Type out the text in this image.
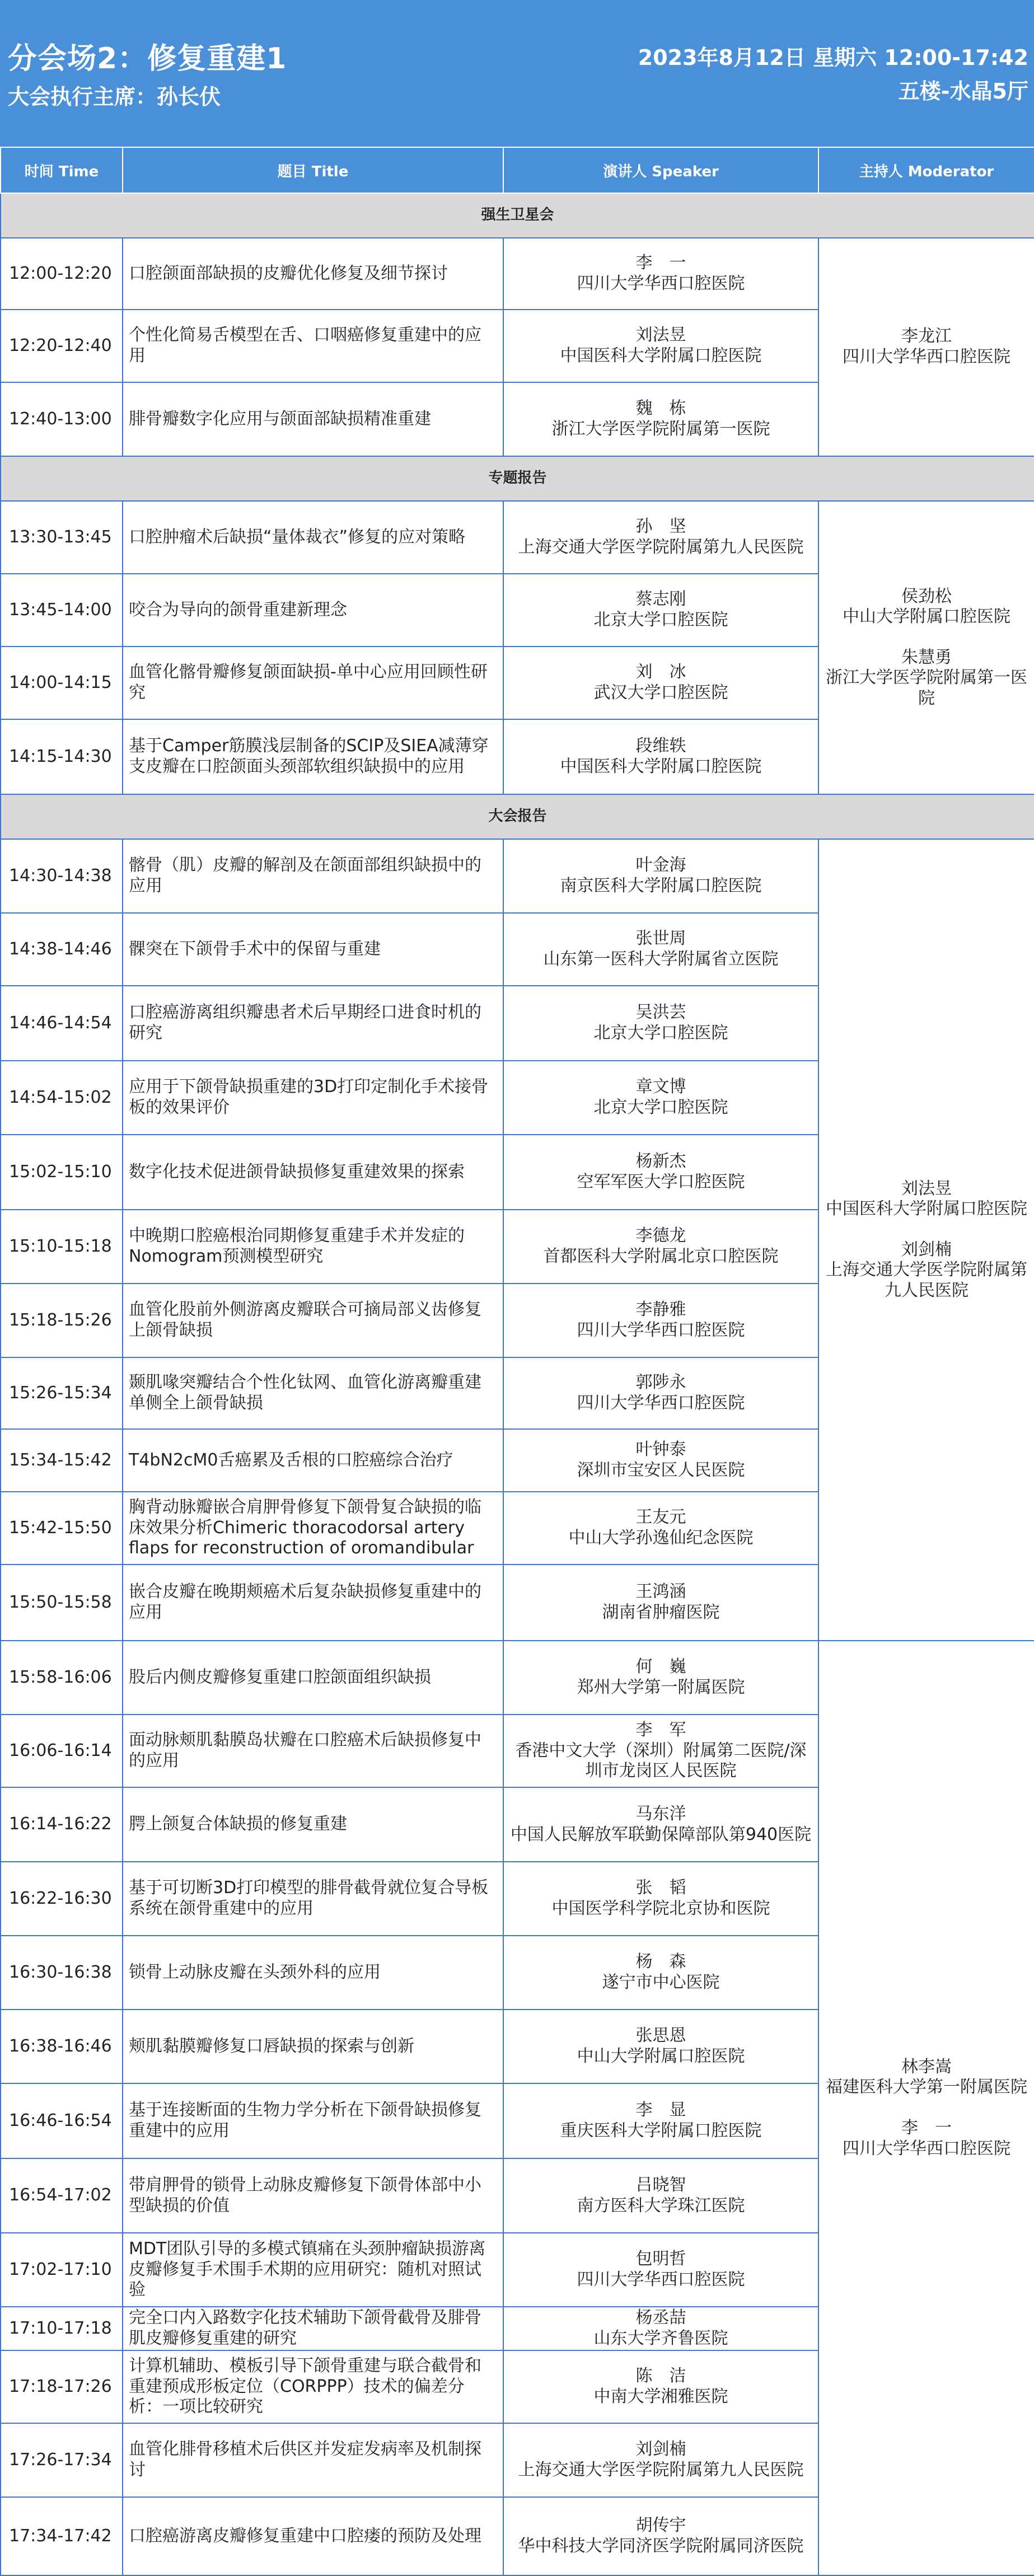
分会场2：修复重建1
大会执行主席：孙长伏
2023年8月12日 星期六 12:00-17:42
五楼-水晶5厅
时间 Time	题目 Title	演讲人 Speaker	主持人 Moderator
强生卫星会			
12:00-12:20	口腔颌面部缺损的皮瓣优化修复及细节探讨	李　一
四川大学华西口腔医院	李龙江
四川大学华西口腔医院

12:20-12:40	个性化简易舌模型在舌、口咽癌修复重建中的应用	刘法昱
中国医科大学附属口腔医院	

12:40-13:00	腓骨瓣数字化应用与颌面部缺损精准重建	魏　栋
浙江大学医学院附属第一医院	

专题报告			
13:30-13:45	口腔肿瘤术后缺损“量体裁衣”修复的应对策略	孙　坚
上海交通大学医学院附属第九人民医院	侯劲松
中山大学附属口腔医院
朱慧勇
浙江大学医学院附属第一医院

13:45-14:00	咬合为导向的颌骨重建新理念	蔡志刚
北京大学口腔医院	

14:00-14:15	血管化髂骨瓣修复颌面缺损-单中心应用回顾性研究	刘　冰
武汉大学口腔医院	

14:15-14:30	基于Camper筋膜浅层制备的SCIP及SIEA减薄穿支皮瓣在口腔颌面头颈部软组织缺损中的应用	段维轶
中国医科大学附属口腔医院	

大会报告			
14:30-14:38	髂骨（肌）皮瓣的解剖及在颌面部组织缺损中的应用	叶金海
南京医科大学附属口腔医院	刘法昱
中国医科大学附属口腔医院
刘剑楠
上海交通大学医学院附属第九人民医院

14:38-14:46	髁突在下颌骨手术中的保留与重建	张世周
山东第一医科大学附属省立医院	

14:46-14:54	口腔癌游离组织瓣患者术后早期经口进食时机的研究	吴洪芸
北京大学口腔医院	

14:54-15:02	应用于下颌骨缺损重建的3D打印定制化手术接骨板的效果评价	章文博
北京大学口腔医院	

15:02-15:10	数字化技术促进颌骨缺损修复重建效果的探索	杨新杰
空军军医大学口腔医院	

15:10-15:18	中晚期口腔癌根治同期修复重建手术并发症的Nomogram预测模型研究	李德龙
首都医科大学附属北京口腔医院	

15:18-15:26	血管化股前外侧游离皮瓣联合可摘局部义齿修复上颌骨缺损	李静雅
四川大学华西口腔医院	

15:26-15:34	颞肌喙突瓣结合个性化钛网、血管化游离瓣重建单侧全上颌骨缺损	郭陟永
四川大学华西口腔医院	

15:34-15:42	T4bN2cM0舌癌累及舌根的口腔癌综合治疗	叶钟泰
深圳市宝安区人民医院	

15:42-15:50	胸背动脉瓣嵌合肩胛骨修复下颌骨复合缺损的临床效果分析Chimeric thoracodorsal artery flaps for reconstruction of oromandibular	王友元
中山大学孙逸仙纪念医院	

15:50-15:58	嵌合皮瓣在晚期颊癌术后复杂缺损修复重建中的应用	王鸿涵
湖南省肿瘤医院	

15:58-16:06	股后内侧皮瓣修复重建口腔颌面组织缺损	何　巍
郑州大学第一附属医院	林李嵩
福建医科大学第一附属医院
李　一
四川大学华西口腔医院

16:06-16:14	面动脉颊肌黏膜岛状瓣在口腔癌术后缺损修复中的应用	李　军
香港中文大学（深圳）附属第二医院/深圳市龙岗区人民医院	

16:14-16:22	腭上颌复合体缺损的修复重建	马东洋
中国人民解放军联勤保障部队第940医院	

16:22-16:30	基于可切断3D打印模型的腓骨截骨就位复合导板系统在颌骨重建中的应用	张　韬
中国医学科学院北京协和医院	

16:30-16:38	锁骨上动脉皮瓣在头颈外科的应用	杨　森
遂宁市中心医院	

16:38-16:46	颊肌黏膜瓣修复口唇缺损的探索与创新	张思恩
中山大学附属口腔医院	

16:46-16:54	基于连接断面的生物力学分析在下颌骨缺损修复重建中的应用	李　显
重庆医科大学附属口腔医院	

16:54-17:02	带肩胛骨的锁骨上动脉皮瓣修复下颌骨体部中小型缺损的价值	吕晓智
南方医科大学珠江医院	

17:02-17:10	MDT团队引导的多模式镇痛在头颈肿瘤缺损游离皮瓣修复手术围手术期的应用研究：随机对照试验	包明哲
四川大学华西口腔医院	

17:10-17:18	完全口内入路数字化技术辅助下颌骨截骨及腓骨肌皮瓣修复重建的研究	杨丞喆
山东大学齐鲁医院	

17:18-17:26	计算机辅助、模板引导下颌骨重建与联合截骨和重建预成形板定位（CORPPP）技术的偏差分析：一项比较研究	陈　洁
中南大学湘雅医院	

17:26-17:34	血管化腓骨移植术后供区并发症发病率及机制探讨	刘剑楠
上海交通大学医学院附属第九人民医院	

17:34-17:42	口腔癌游离皮瓣修复重建中口腔瘘的预防及处理	胡传宇
华中科技大学同济医学院附属同济医院	
